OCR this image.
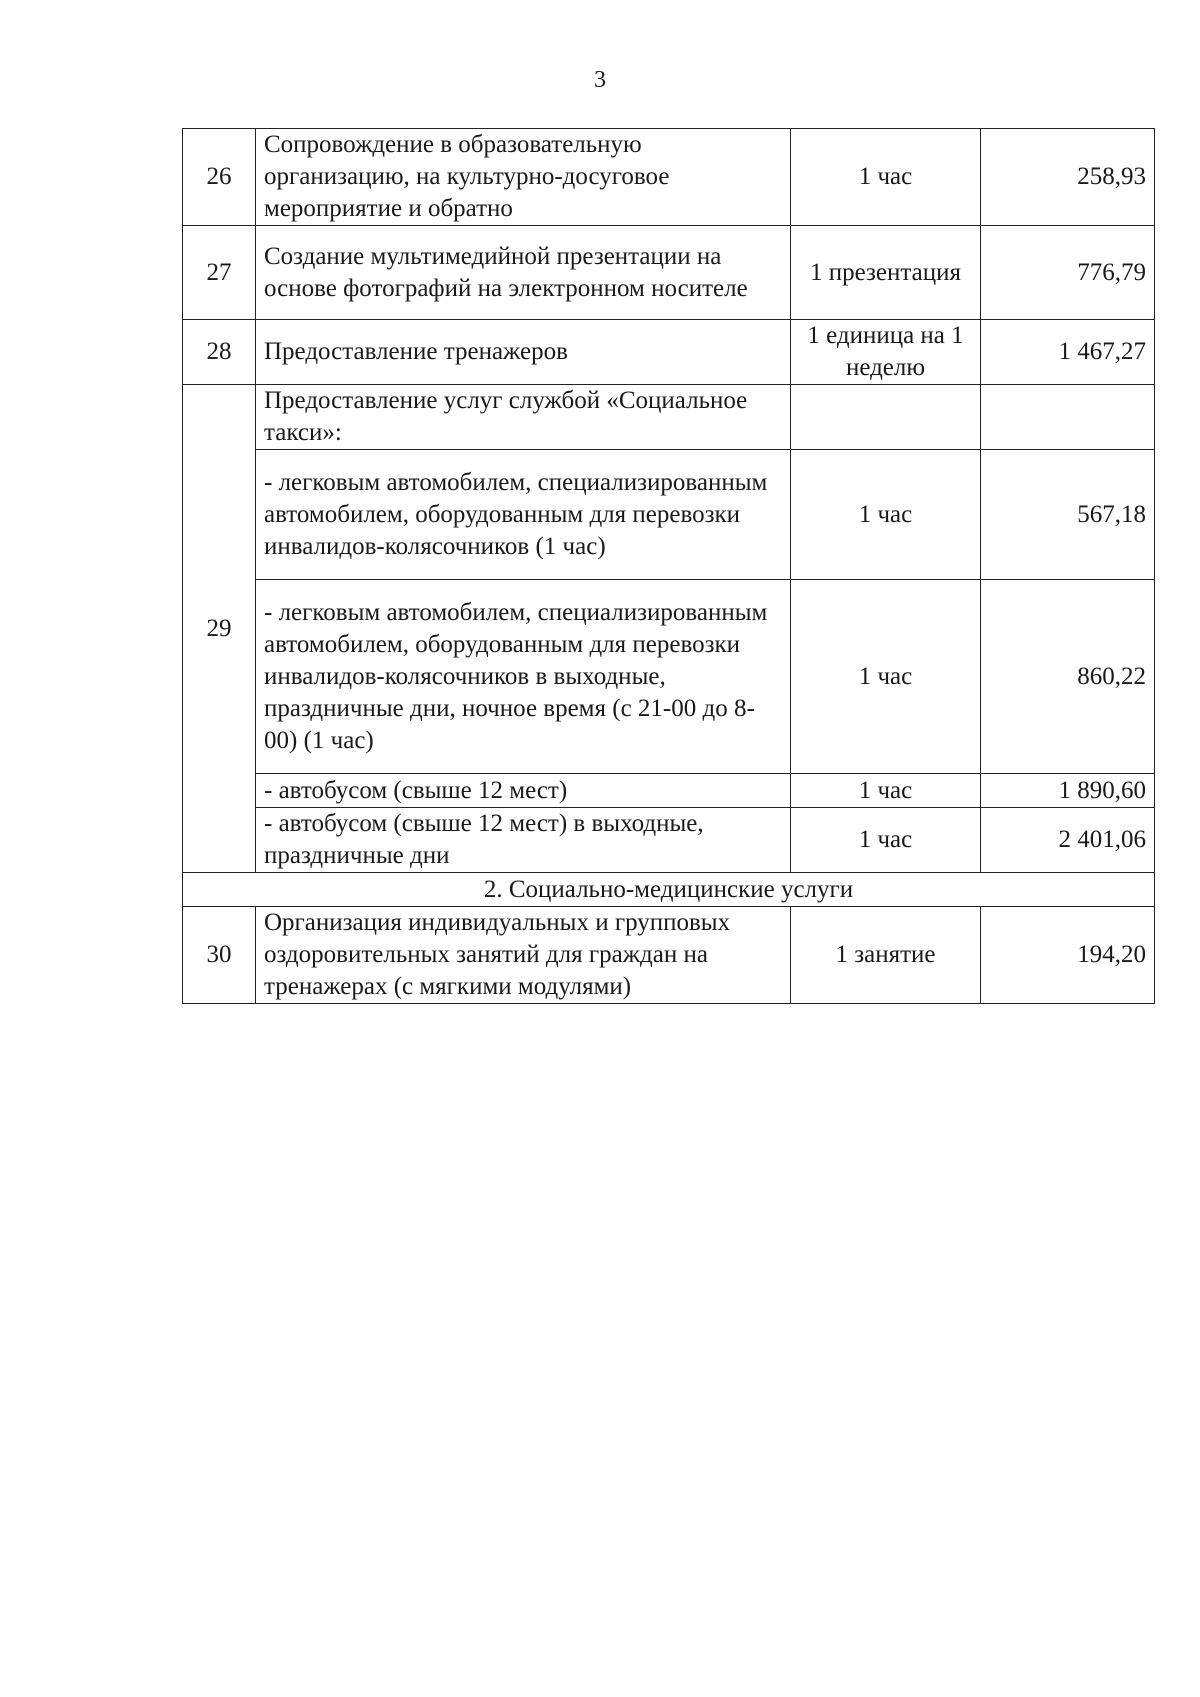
3
26	Сопровождение в образовательную организацию, на культурно-досуговое мероприятие и обратно	1 час	258,93
27	Создание мультимедийной презентации на основе фотографий на электронном носителе	1 презентация	776,79
28	Предоставление тренажеров	1 единица на 1 неделю	1 467,27
29	Предоставление услуг службой «Социальное такси»:		
	- легковым автомобилем, специализированным автомобилем, оборудованным для перевозки инвалидов-колясочников (1 час)	1 час	567,18
	- легковым автомобилем, специализированным автомобилем, оборудованным для перевозки инвалидов-колясочников в выходные, праздничные дни, ночное время (с 21-00 до 8-00) (1 час)	1 час	860,22
	- автобусом (свыше 12 мест)	1 час	1 890,60
	- автобусом (свыше 12 мест) в выходные, праздничные дни	1 час	2 401,06
2. Социально-медицинские услуги			
30	Организация индивидуальных и групповых оздоровительных занятий для граждан на тренажерах (с мягкими модулями)	1 занятие	194,20
